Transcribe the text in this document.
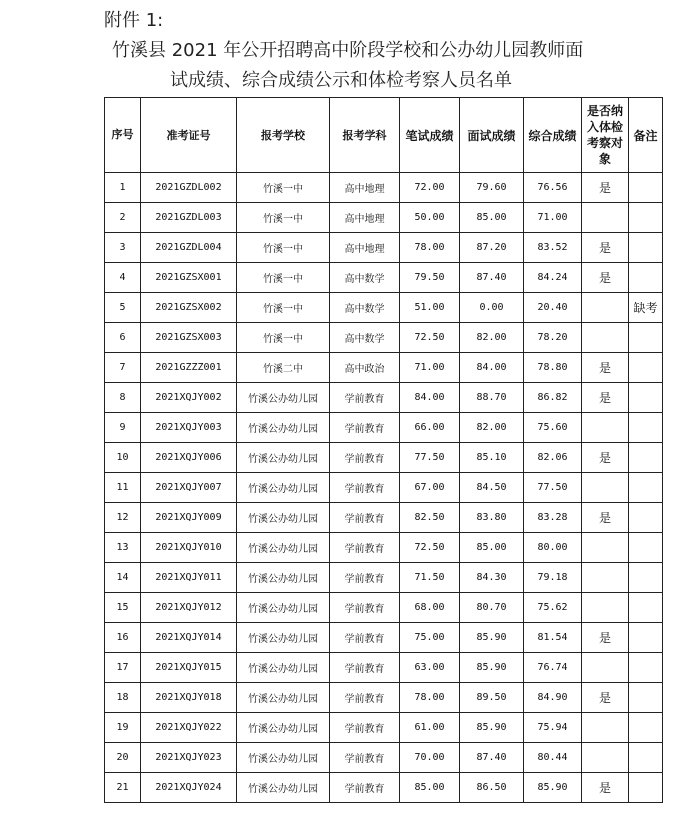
附件 1:
竹溪县 2021 年公开招聘高中阶段学校和公办幼儿园教师面
试成绩、综合成绩公示和体检考察人员名单
序号	准考证号	报考学校	报考学科	笔试成绩	面试成绩	综合成绩	是否纳入体检考察对象	备注
1	2021GZDL002	竹溪一中	高中地理	72.00	79.60	76.56	是	
2	2021GZDL003	竹溪一中	高中地理	50.00	85.00	71.00		
3	2021GZDL004	竹溪一中	高中地理	78.00	87.20	83.52	是	
4	2021GZSX001	竹溪一中	高中数学	79.50	87.40	84.24	是	
5	2021GZSX002	竹溪一中	高中数学	51.00	0.00	20.40		缺考
6	2021GZSX003	竹溪一中	高中数学	72.50	82.00	78.20		
7	2021GZZZ001	竹溪二中	高中政治	71.00	84.00	78.80	是	
8	2021XQJY002	竹溪公办幼儿园	学前教育	84.00	88.70	86.82	是	
9	2021XQJY003	竹溪公办幼儿园	学前教育	66.00	82.00	75.60		
10	2021XQJY006	竹溪公办幼儿园	学前教育	77.50	85.10	82.06	是	
11	2021XQJY007	竹溪公办幼儿园	学前教育	67.00	84.50	77.50		
12	2021XQJY009	竹溪公办幼儿园	学前教育	82.50	83.80	83.28	是	
13	2021XQJY010	竹溪公办幼儿园	学前教育	72.50	85.00	80.00		
14	2021XQJY011	竹溪公办幼儿园	学前教育	71.50	84.30	79.18		
15	2021XQJY012	竹溪公办幼儿园	学前教育	68.00	80.70	75.62		
16	2021XQJY014	竹溪公办幼儿园	学前教育	75.00	85.90	81.54	是	
17	2021XQJY015	竹溪公办幼儿园	学前教育	63.00	85.90	76.74		
18	2021XQJY018	竹溪公办幼儿园	学前教育	78.00	89.50	84.90	是	
19	2021XQJY022	竹溪公办幼儿园	学前教育	61.00	85.90	75.94		
20	2021XQJY023	竹溪公办幼儿园	学前教育	70.00	87.40	80.44		
21	2021XQJY024	竹溪公办幼儿园	学前教育	85.00	86.50	85.90	是	
